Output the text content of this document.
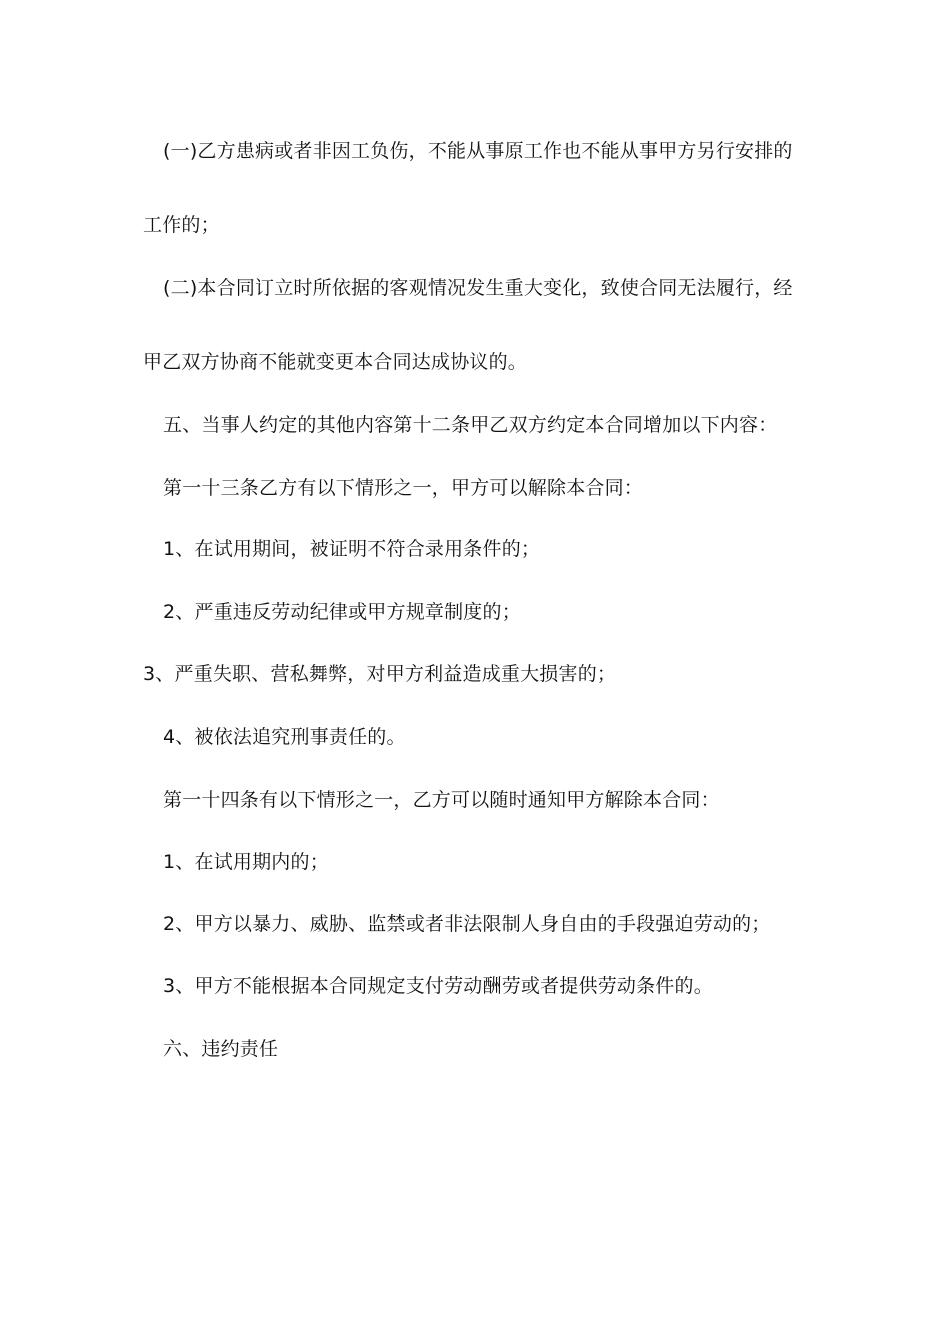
(一)乙方患病或者非因工负伤，不能从事原工作也不能从事甲方另行安排的
工作的；
(二)本合同订立时所依据的客观情况发生重大变化，致使合同无法履行，经
甲乙双方协商不能就变更本合同达成协议的。
五、当事人约定的其他内容第十二条甲乙双方约定本合同增加以下内容：
第一十三条乙方有以下情形之一，甲方可以解除本合同：
1、在试用期间，被证明不符合录用条件的；
2、严重违反劳动纪律或甲方规章制度的；
3、严重失职、营私舞弊，对甲方利益造成重大损害的；
4、被依法追究刑事责任的。
第一十四条有以下情形之一，乙方可以随时通知甲方解除本合同：
1、在试用期内的；
2、甲方以暴力、威胁、监禁或者非法限制人身自由的手段强迫劳动的；
3、甲方不能根据本合同规定支付劳动酬劳或者提供劳动条件的。
六、违约责任
